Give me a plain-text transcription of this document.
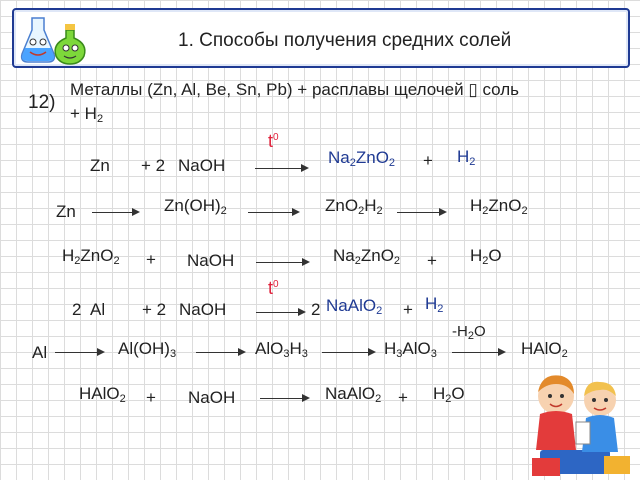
1. Способы получения средних солей
12)
Металлы (Zn, Al, Be, Sn, Pb) + расплавы щелочей ▯ соль
+ $H_2$
Zn + 2 NaOH
$t^0$
$Na_2ZnO_2 + H_2$
Zn	$Zn(OH)_2$	$ZnO_2H_2$	$H_2ZnO_2$
$H_2ZnO_2$ + NaOH	$Na_2ZnO_2 + H_2O$
2 Al + 2 NaOH
$t^0$
2 NaAlO$_2$ + $H_2$
Al	$Al(OH)_3$	$AlO_3H_3$	$H_3AlO_3$
$-H_2O$
HAlO$_2$
HAlO$_2$ + NaOH	NaAlO$_2$ + $H_2O$
